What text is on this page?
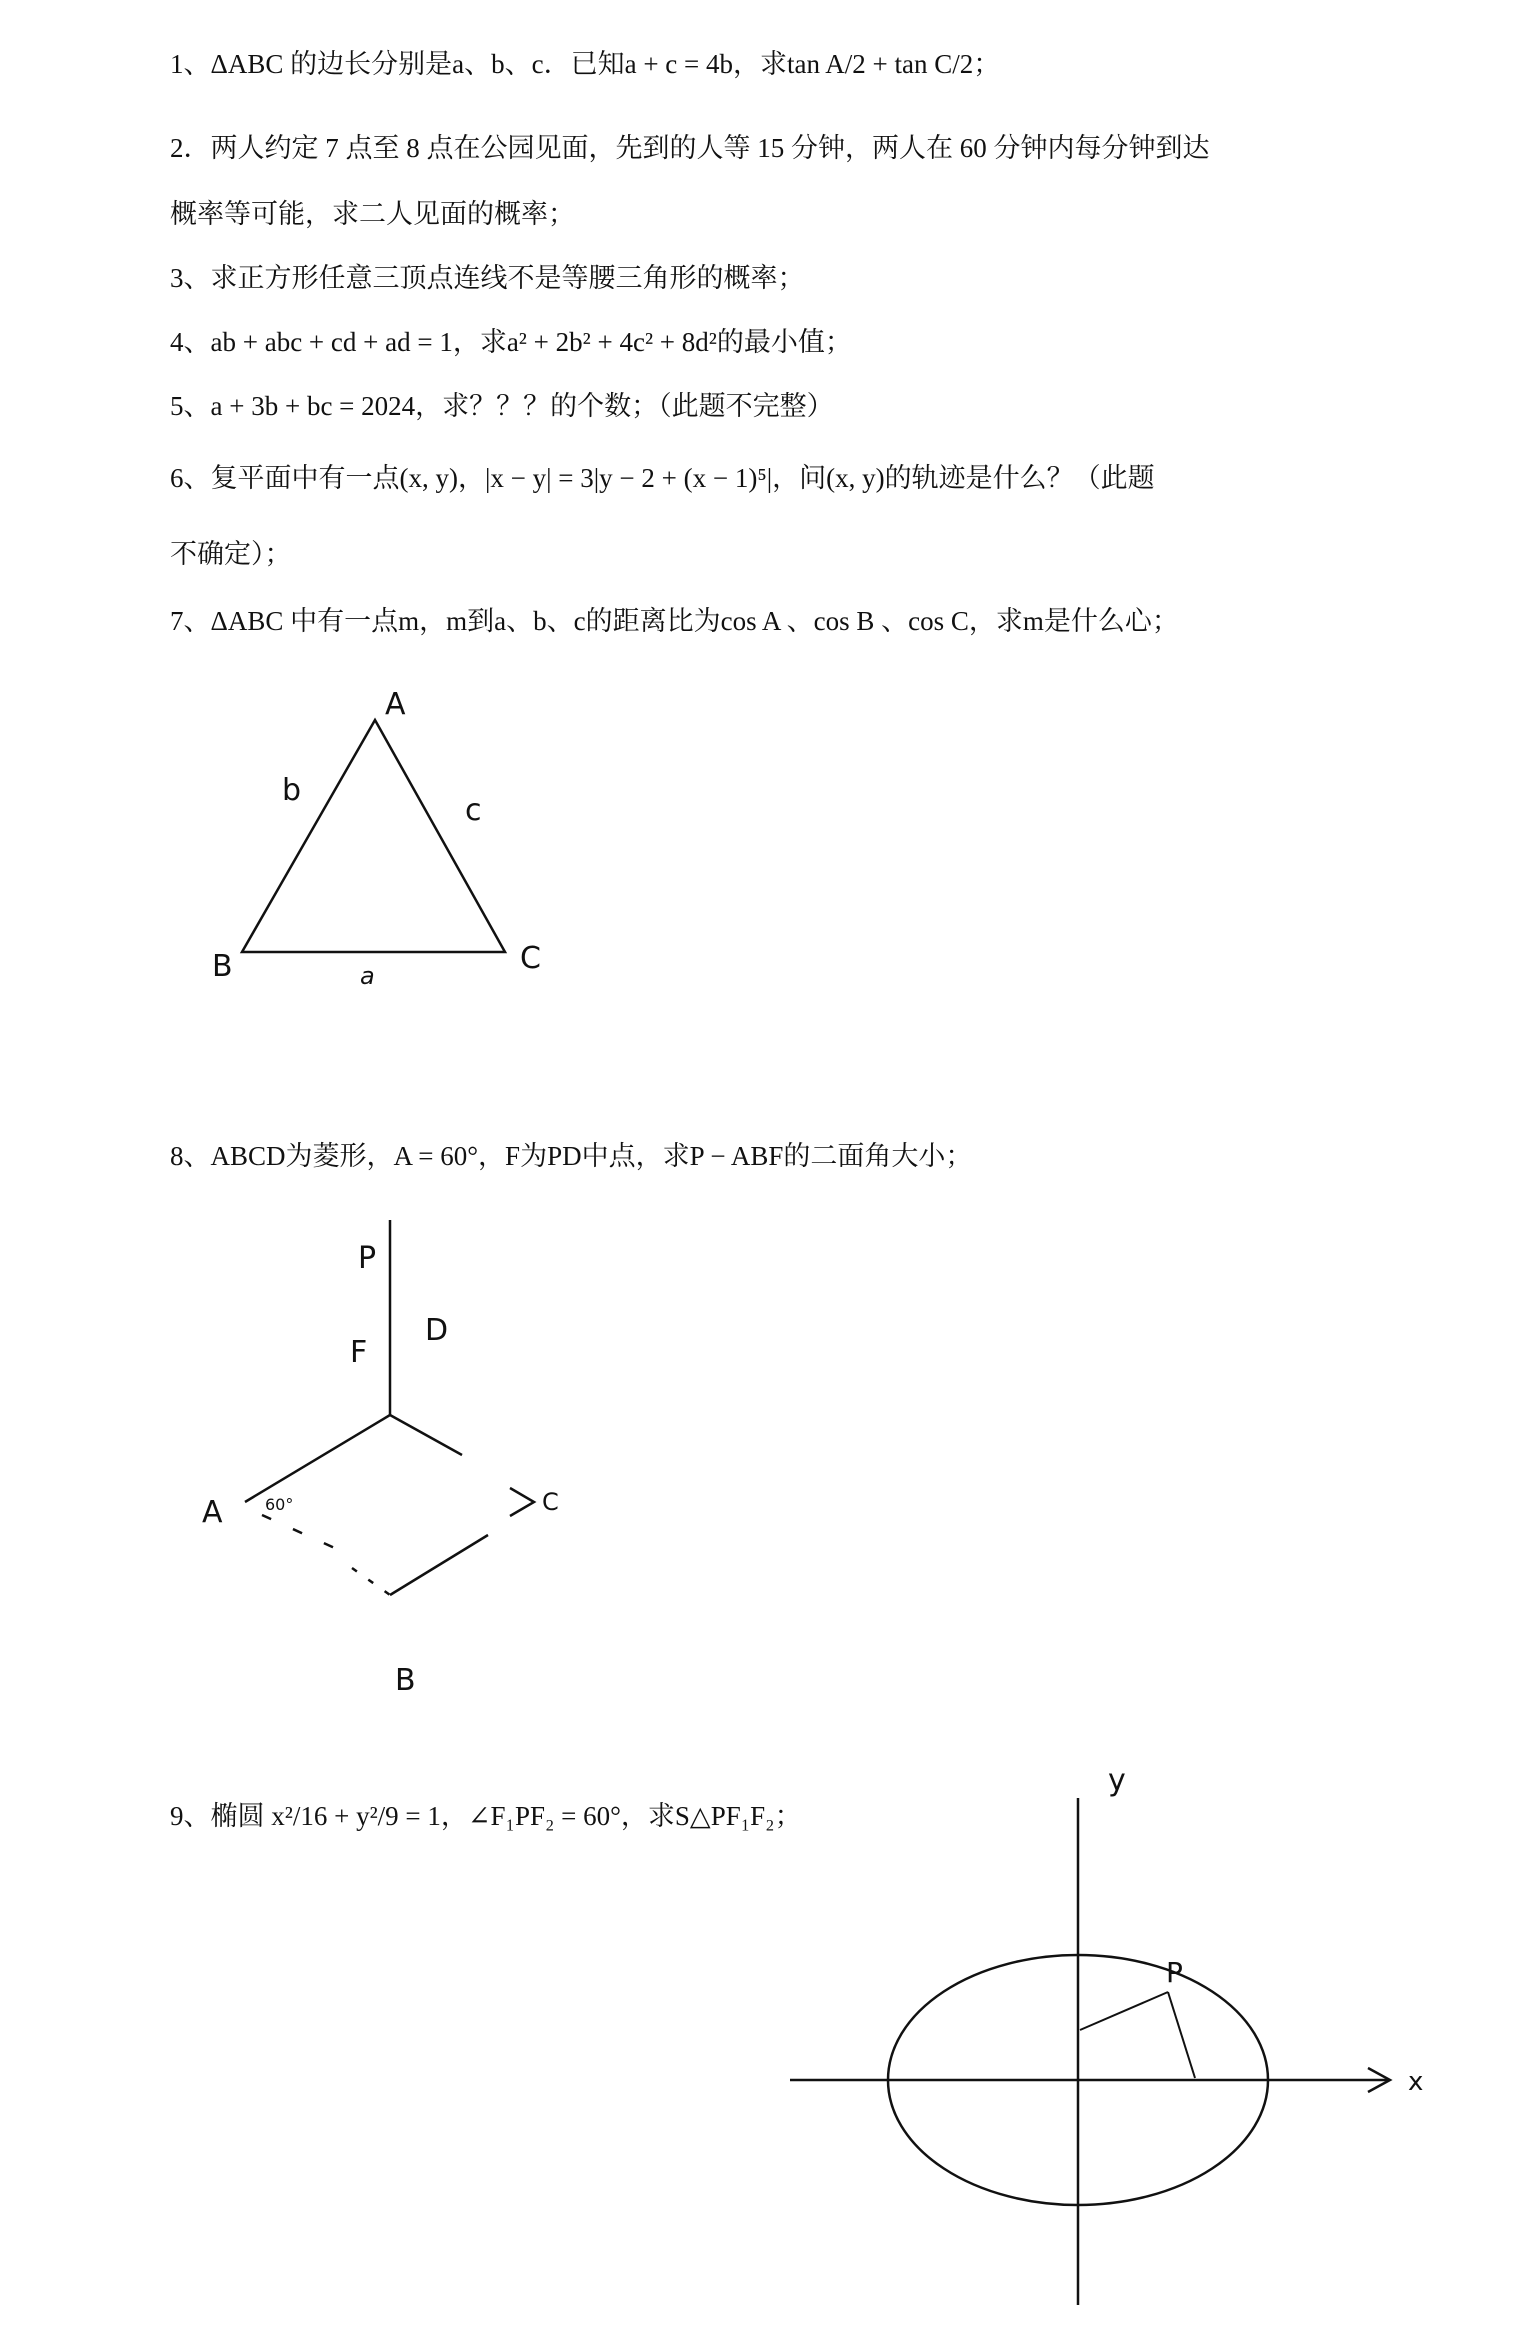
1、ΔABC 的边长分别是a、b、c．已知a + c = 4b，求tan A/2 + tan C/2；
2．两人约定 7 点至 8 点在公园见面，先到的人等 15 分钟，两人在 60 分钟内每分钟到达
概率等可能，求二人见面的概率；
3、求正方形任意三顶点连线不是等腰三角形的概率；
4、ab + abc + cd + ad = 1，求a² + 2b² + 4c² + 8d²的最小值；
5、a + 3b + bc = 2024，求？？？的个数；（此题不完整）
6、复平面中有一点(x, y)，|x − y| = 3|y − 2 + (x − 1)⁵|，问(x, y)的轨迹是什么？（此题
不确定）；
7、ΔABC 中有一点m，m到a、b、c的距离比为cos A 、cos B 、cos C，求m是什么心；
A
C
B
b
c
a
8、ABCD为菱形，A = 60°，F为PD中点，求P − ABF的二面角大小；
P
F
D
A
B
C
60°
9、椭圆 x²/16 + y²/9 = 1，∠F₁PF₂ = 60°，求S△PF₁F₂；
y
x
P
